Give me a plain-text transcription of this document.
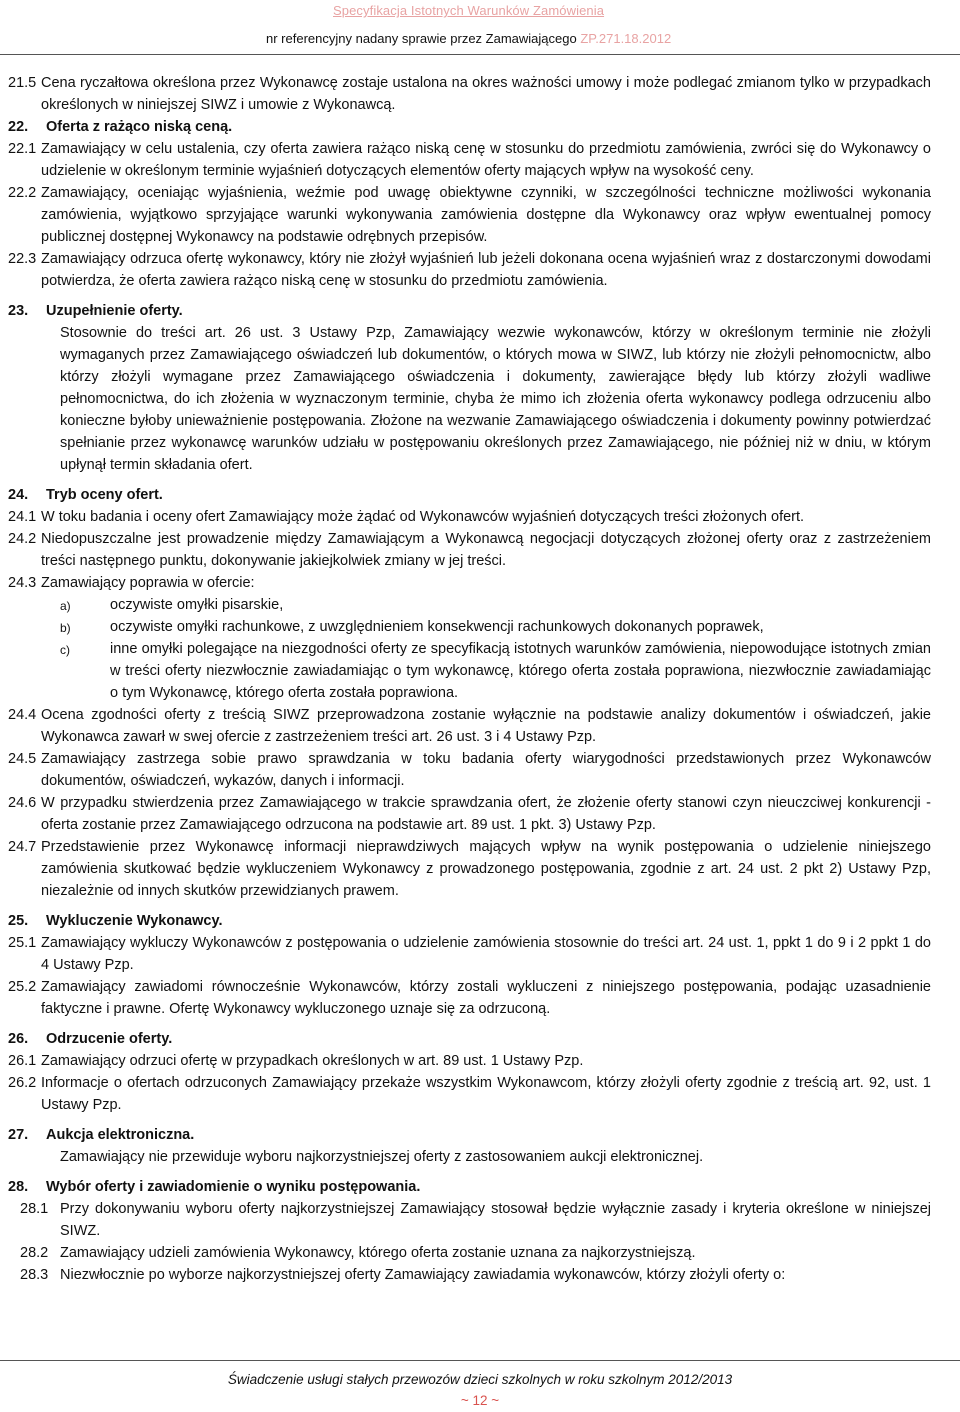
Specyfikacja Istotnych Warunków Zamówienia
nr referencyjny nadany sprawie przez Zamawiającego ZP.271.18.2012
21.5 Cena ryczałtowa określona przez Wykonawcę zostaje ustalona na okres ważności umowy i może podlegać zmianom tylko w przypadkach określonych w niniejszej SIWZ i umowie z Wykonawcą.
22. Oferta z rażąco niską ceną.
22.1 Zamawiający w celu ustalenia, czy oferta zawiera rażąco niską cenę w stosunku do przedmiotu zamówienia, zwróci się do Wykonawcy o udzielenie w określonym terminie wyjaśnień dotyczących elementów oferty mających wpływ na wysokość ceny.
22.2 Zamawiający, oceniając wyjaśnienia, weźmie pod uwagę obiektywne czynniki, w szczególności techniczne możliwości wykonania zamówienia, wyjątkowo sprzyjające warunki wykonywania zamówienia dostępne dla Wykonawcy oraz wpływ ewentualnej pomocy publicznej dostępnej Wykonawcy na podstawie odrębnych przepisów.
22.3 Zamawiający odrzuca ofertę wykonawcy, który nie złożył wyjaśnień lub jeżeli dokonana ocena wyjaśnień wraz z dostarczonymi dowodami potwierdza, że oferta zawiera rażąco niską cenę w stosunku do przedmiotu zamówienia.
23. Uzupełnienie oferty.
Stosownie do treści art. 26 ust. 3 Ustawy Pzp, Zamawiający wezwie wykonawców, którzy w określonym terminie nie złożyli wymaganych przez Zamawiającego oświadczeń lub dokumentów, o których mowa w SIWZ, lub którzy nie złożyli pełnomocnictw, albo którzy złożyli wymagane przez Zamawiającego oświadczenia i dokumenty, zawierające błędy lub którzy złożyli wadliwe pełnomocnictwa, do ich złożenia w wyznaczonym terminie, chyba że mimo ich złożenia oferta wykonawcy podlega odrzuceniu albo konieczne byłoby unieważnienie postępowania. Złożone na wezwanie Zamawiającego oświadczenia i dokumenty powinny potwierdzać spełnianie przez wykonawcę warunków udziału w postępowaniu określonych przez Zamawiającego, nie później niż w dniu, w którym upłynął termin składania ofert.
24. Tryb oceny ofert.
24.1 W toku badania i oceny ofert Zamawiający może żądać od Wykonawców wyjaśnień dotyczących treści złożonych ofert.
24.2 Niedopuszczalne jest prowadzenie między Zamawiającym a Wykonawcą negocjacji dotyczących złożonej oferty oraz z zastrzeżeniem treści następnego punktu, dokonywanie jakiejkolwiek zmiany w jej treści.
24.3 Zamawiający poprawia w ofercie:
a)	oczywiste omyłki pisarskie,
b)	oczywiste omyłki rachunkowe, z uwzględnieniem konsekwencji rachunkowych dokonanych poprawek,
c)	inne omyłki polegające na niezgodności oferty ze specyfikacją istotnych warunków zamówienia, niepowodujące istotnych zmian w treści oferty niezwłocznie zawiadamiając o tym wykonawcę, którego oferta została poprawiona, niezwłocznie zawiadamiając o tym Wykonawcę, którego oferta została poprawiona.
24.4 Ocena zgodności oferty z treścią SIWZ przeprowadzona zostanie wyłącznie na podstawie analizy dokumentów i oświadczeń, jakie Wykonawca zawarł w swej ofercie z zastrzeżeniem treści art. 26 ust. 3 i 4 Ustawy Pzp.
24.5 Zamawiający zastrzega sobie prawo sprawdzania w toku badania oferty wiarygodności przedstawionych przez Wykonawców dokumentów, oświadczeń, wykazów, danych i informacji.
24.6 W przypadku stwierdzenia przez Zamawiającego w trakcie sprawdzania ofert, że złożenie oferty stanowi czyn nieuczciwej konkurencji - oferta zostanie przez Zamawiającego odrzucona na podstawie art. 89 ust. 1 pkt. 3) Ustawy Pzp.
24.7 Przedstawienie przez Wykonawcę informacji nieprawdziwych mających wpływ na wynik postępowania o udzielenie niniejszego zamówienia skutkować będzie wykluczeniem Wykonawcy z prowadzonego postępowania, zgodnie z art. 24 ust. 2 pkt 2) Ustawy Pzp, niezależnie od innych skutków przewidzianych prawem.
25. Wykluczenie Wykonawcy.
25.1 Zamawiający wykluczy Wykonawców z postępowania o udzielenie zamówienia stosownie do treści art. 24 ust. 1, ppkt 1 do 9 i 2 ppkt 1 do 4 Ustawy Pzp.
25.2 Zamawiający zawiadomi równocześnie Wykonawców, którzy zostali wykluczeni z niniejszego postępowania, podając uzasadnienie faktyczne i prawne. Ofertę Wykonawcy wykluczonego uznaje się za odrzuconą.
26. Odrzucenie oferty.
26.1 Zamawiający odrzuci ofertę w przypadkach określonych w art. 89 ust. 1 Ustawy Pzp.
26.2 Informacje o ofertach odrzuconych Zamawiający przekaże wszystkim Wykonawcom, którzy złożyli oferty zgodnie z treścią art. 92, ust. 1 Ustawy Pzp.
27. Aukcja elektroniczna.
Zamawiający nie przewiduje wyboru najkorzystniejszej oferty z zastosowaniem aukcji elektronicznej.
28. Wybór oferty i zawiadomienie o wyniku postępowania.
28.1 Przy dokonywaniu wyboru oferty najkorzystniejszej Zamawiający stosował będzie wyłącznie zasady i kryteria określone w niniejszej SIWZ.
28.2 Zamawiający udzieli zamówienia Wykonawcy, którego oferta zostanie uznana za najkorzystniejszą.
28.3 Niezwłocznie po wyborze najkorzystniejszej oferty Zamawiający zawiadamia wykonawców, którzy złożyli oferty o:
Świadczenie usługi stałych przewozów dzieci szkolnych w roku szkolnym 2012/2013
~ 12 ~
